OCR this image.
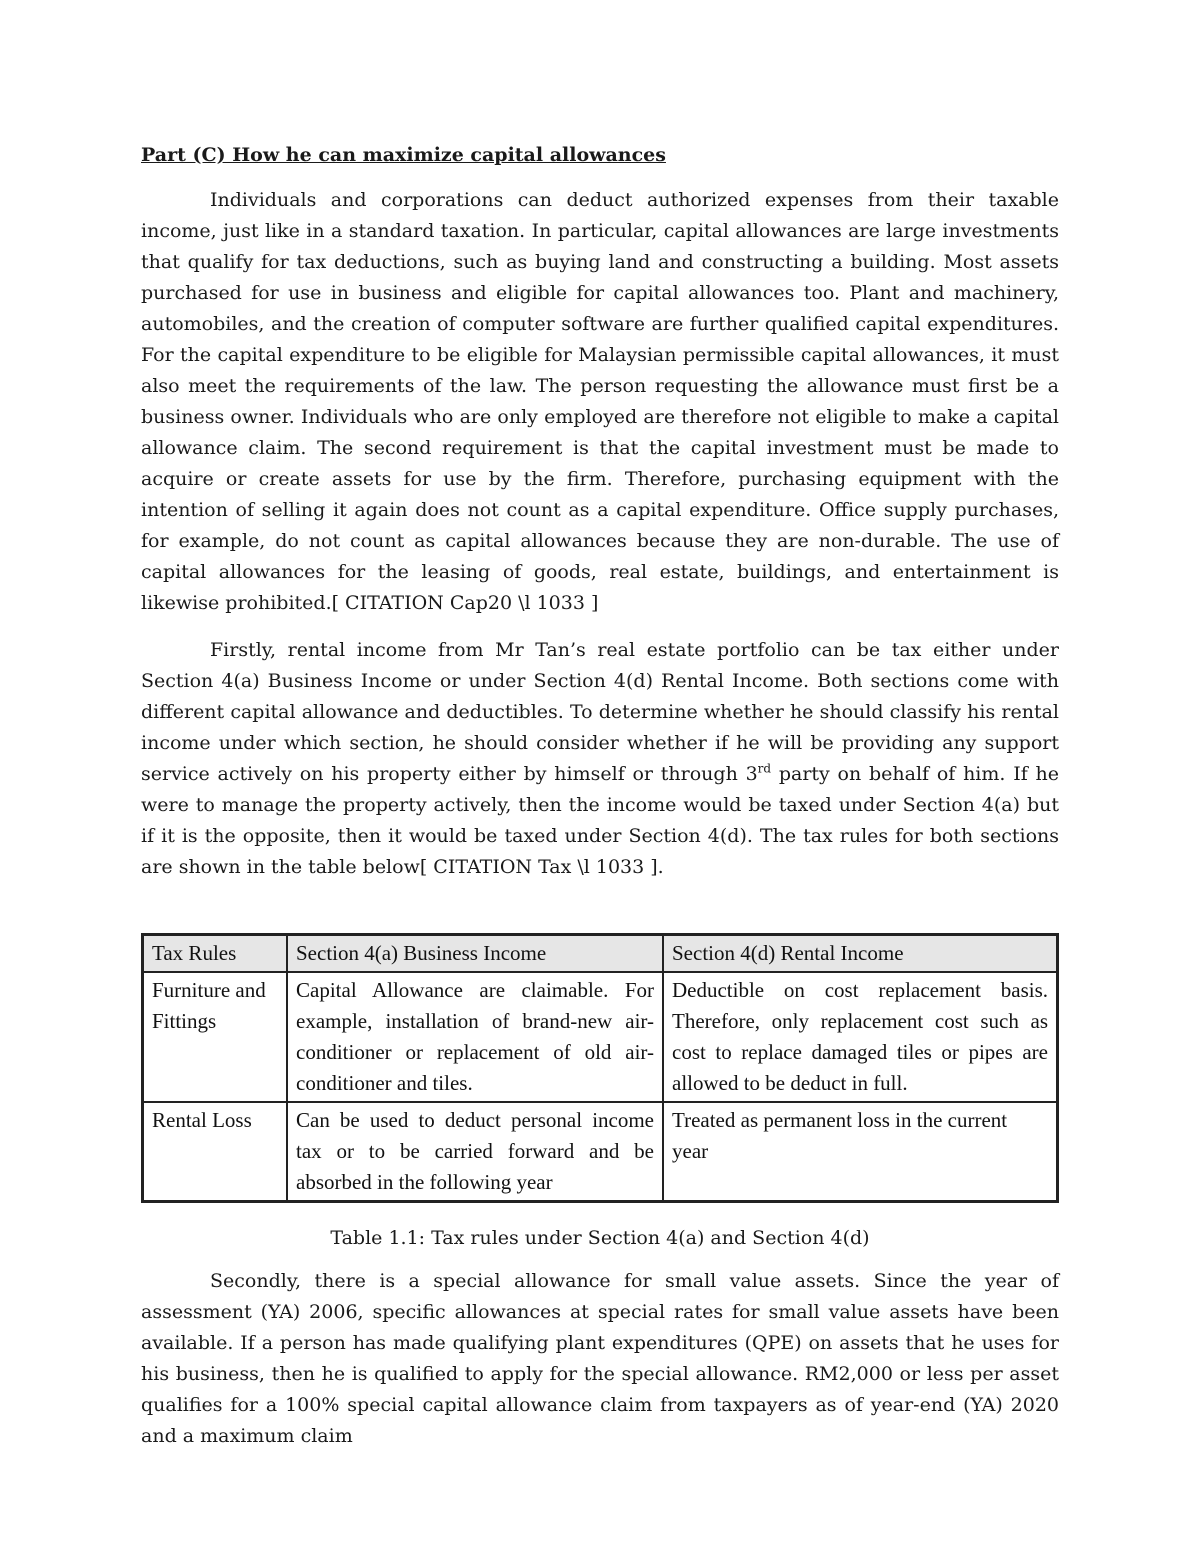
Part (C) How he can maximize capital allowances

Individuals and corporations can deduct authorized expenses from their taxable income, just like in a standard taxation. In particular, capital allowances are large investments that qualify for tax deductions, such as buying land and constructing a building. Most assets purchased for use in business and eligible for capital allowances too. Plant and machinery, automobiles, and the creation of computer software are further qualified capital expenditures. For the capital expenditure to be eligible for Malaysian permissible capital allowances, it must also meet the requirements of the law. The person requesting the allowance must first be a business owner. Individuals who are only employed are therefore not eligible to make a capital allowance claim. The second requirement is that the capital investment must be made to acquire or create assets for use by the firm. Therefore, purchasing equipment with the intention of selling it again does not count as a capital expenditure. Office supply purchases, for example, do not count as capital allowances because they are non-durable. The use of capital allowances for the leasing of goods, real estate, buildings, and entertainment is likewise prohibited.[ CITATION Cap20 \l 1033 ]

Firstly, rental income from Mr Tan’s real estate portfolio can be tax either under Section 4(a) Business Income or under Section 4(d) Rental Income. Both sections come with different capital allowance and deductibles. To determine whether he should classify his rental income under which section, he should consider whether if he will be providing any support service actively on his property either by himself or through 3rd party on behalf of him. If he were to manage the property actively, then the income would be taxed under Section 4(a) but if it is the opposite, then it would be taxed under Section 4(d). The tax rules for both sections are shown in the table below[ CITATION Tax \l 1033 ].

Tax Rules	Section 4(a) Business Income	Section 4(d) Rental Income
Furniture and Fittings	Capital Allowance are claimable. For example, installation of brand-new air-conditioner or replacement of old air-conditioner and tiles.	Deductible on cost replacement basis. Therefore, only replacement cost such as cost to replace damaged tiles or pipes are allowed to be deduct in full.
Rental Loss	Can be used to deduct personal income tax or to be carried forward and be absorbed in the following year	Treated as permanent loss in the current year

Table 1.1: Tax rules under Section 4(a) and Section 4(d)

Secondly, there is a special allowance for small value assets. Since the year of assessment (YA) 2006, specific allowances at special rates for small value assets have been available. If a person has made qualifying plant expenditures (QPE) on assets that he uses for his business, then he is qualified to apply for the special allowance. RM2,000 or less per asset qualifies for a 100% special capital allowance claim from taxpayers as of year-end (YA) 2020 and a maximum claim
